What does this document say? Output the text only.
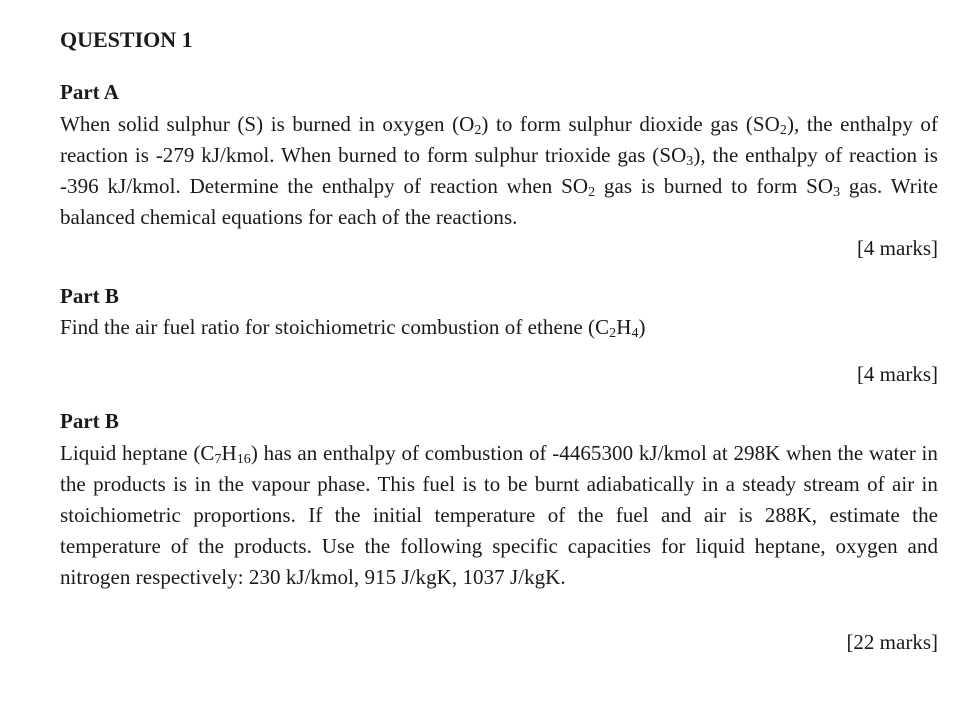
QUESTION 1
Part A

When solid sulphur (S) is burned in oxygen $(O_2)$ to form sulphur dioxide gas $(SO_2)$, the enthalpy of reaction is -279 kJ/kmol. When burned to form sulphur trioxide gas $(SO_3)$, the enthalpy of reaction is -396 kJ/kmol. Determine the enthalpy of reaction when $SO_2$ gas is burned to form $SO_3$ gas. Write balanced chemical equations for each of the reactions.

[4 marks]

Part B

Find the air fuel ratio for stoichiometric combustion of ethene $(C_2H_4)$

[4 marks]

Part B

Liquid heptane $(C_7H_{16})$ has an enthalpy of combustion of -4465300 kJ/kmol at 298K when the water in the products is in the vapour phase. This fuel is to be burnt adiabatically in a steady stream of air in stoichiometric proportions. If the initial temperature of the fuel and air is 288K, estimate the temperature of the products. Use the following specific capacities for liquid heptane, oxygen and nitrogen respectively: 230 kJ/kmol, 915 J/kgK, 1037 J/kgK.

[22 marks]
